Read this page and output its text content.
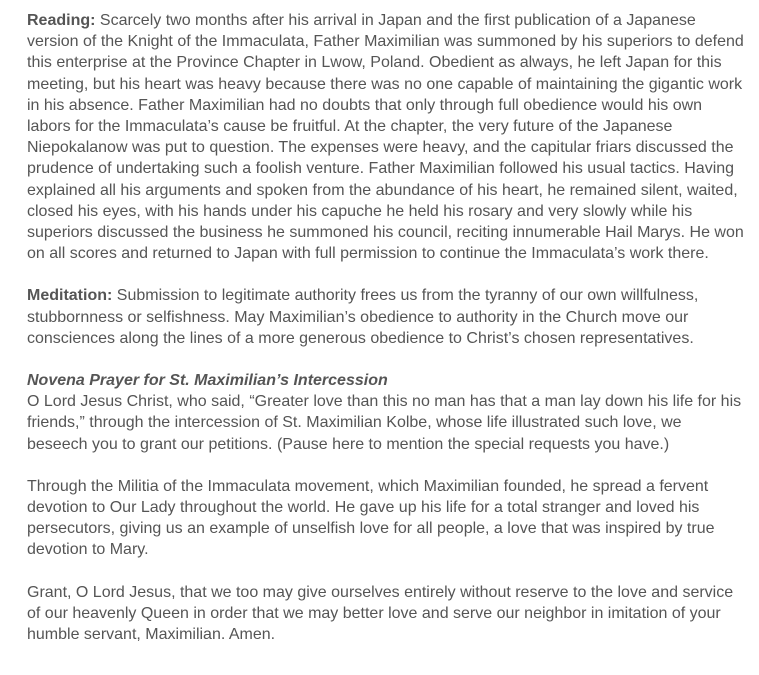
Reading: Scarcely two months after his arrival in Japan and the first publication of a Japanese version of the Knight of the Immaculata, Father Maximilian was summoned by his superiors to defend this enterprise at the Province Chapter in Lwow, Poland. Obedient as always, he left Japan for this meeting, but his heart was heavy because there was no one capable of maintaining the gigantic work in his absence. Father Maximilian had no doubts that only through full obedience would his own labors for the Immaculata’s cause be fruitful. At the chapter, the very future of the Japanese Niepokalanow was put to question. The expenses were heavy, and the capitular friars discussed the prudence of undertaking such a foolish venture. Father Maximilian followed his usual tactics. Having explained all his arguments and spoken from the abundance of his heart, he remained silent, waited, closed his eyes, with his hands under his capuche he held his rosary and very slowly while his superiors discussed the business he summoned his council, reciting innumerable Hail Marys. He won on all scores and returned to Japan with full permission to continue the Immaculata’s work there.

Meditation: Submission to legitimate authority frees us from the tyranny of our own willfulness, stubbornness or selfishness. May Maximilian’s obedience to authority in the Church move our consciences along the lines of a more generous obedience to Christ’s chosen representatives.

Novena Prayer for St. Maximilian’s Intercession
O Lord Jesus Christ, who said, “Greater love than this no man has that a man lay down his life for his friends,” through the intercession of St. Maximilian Kolbe, whose life illustrated such love, we beseech you to grant our petitions. (Pause here to mention the special requests you have.)

Through the Militia of the Immaculata movement, which Maximilian founded, he spread a fervent devotion to Our Lady throughout the world. He gave up his life for a total stranger and loved his persecutors, giving us an example of unselfish love for all people, a love that was inspired by true devotion to Mary.

Grant, O Lord Jesus, that we too may give ourselves entirely without reserve to the love and service of our heavenly Queen in order that we may better love and serve our neighbor in imitation of your humble servant, Maximilian. Amen.
